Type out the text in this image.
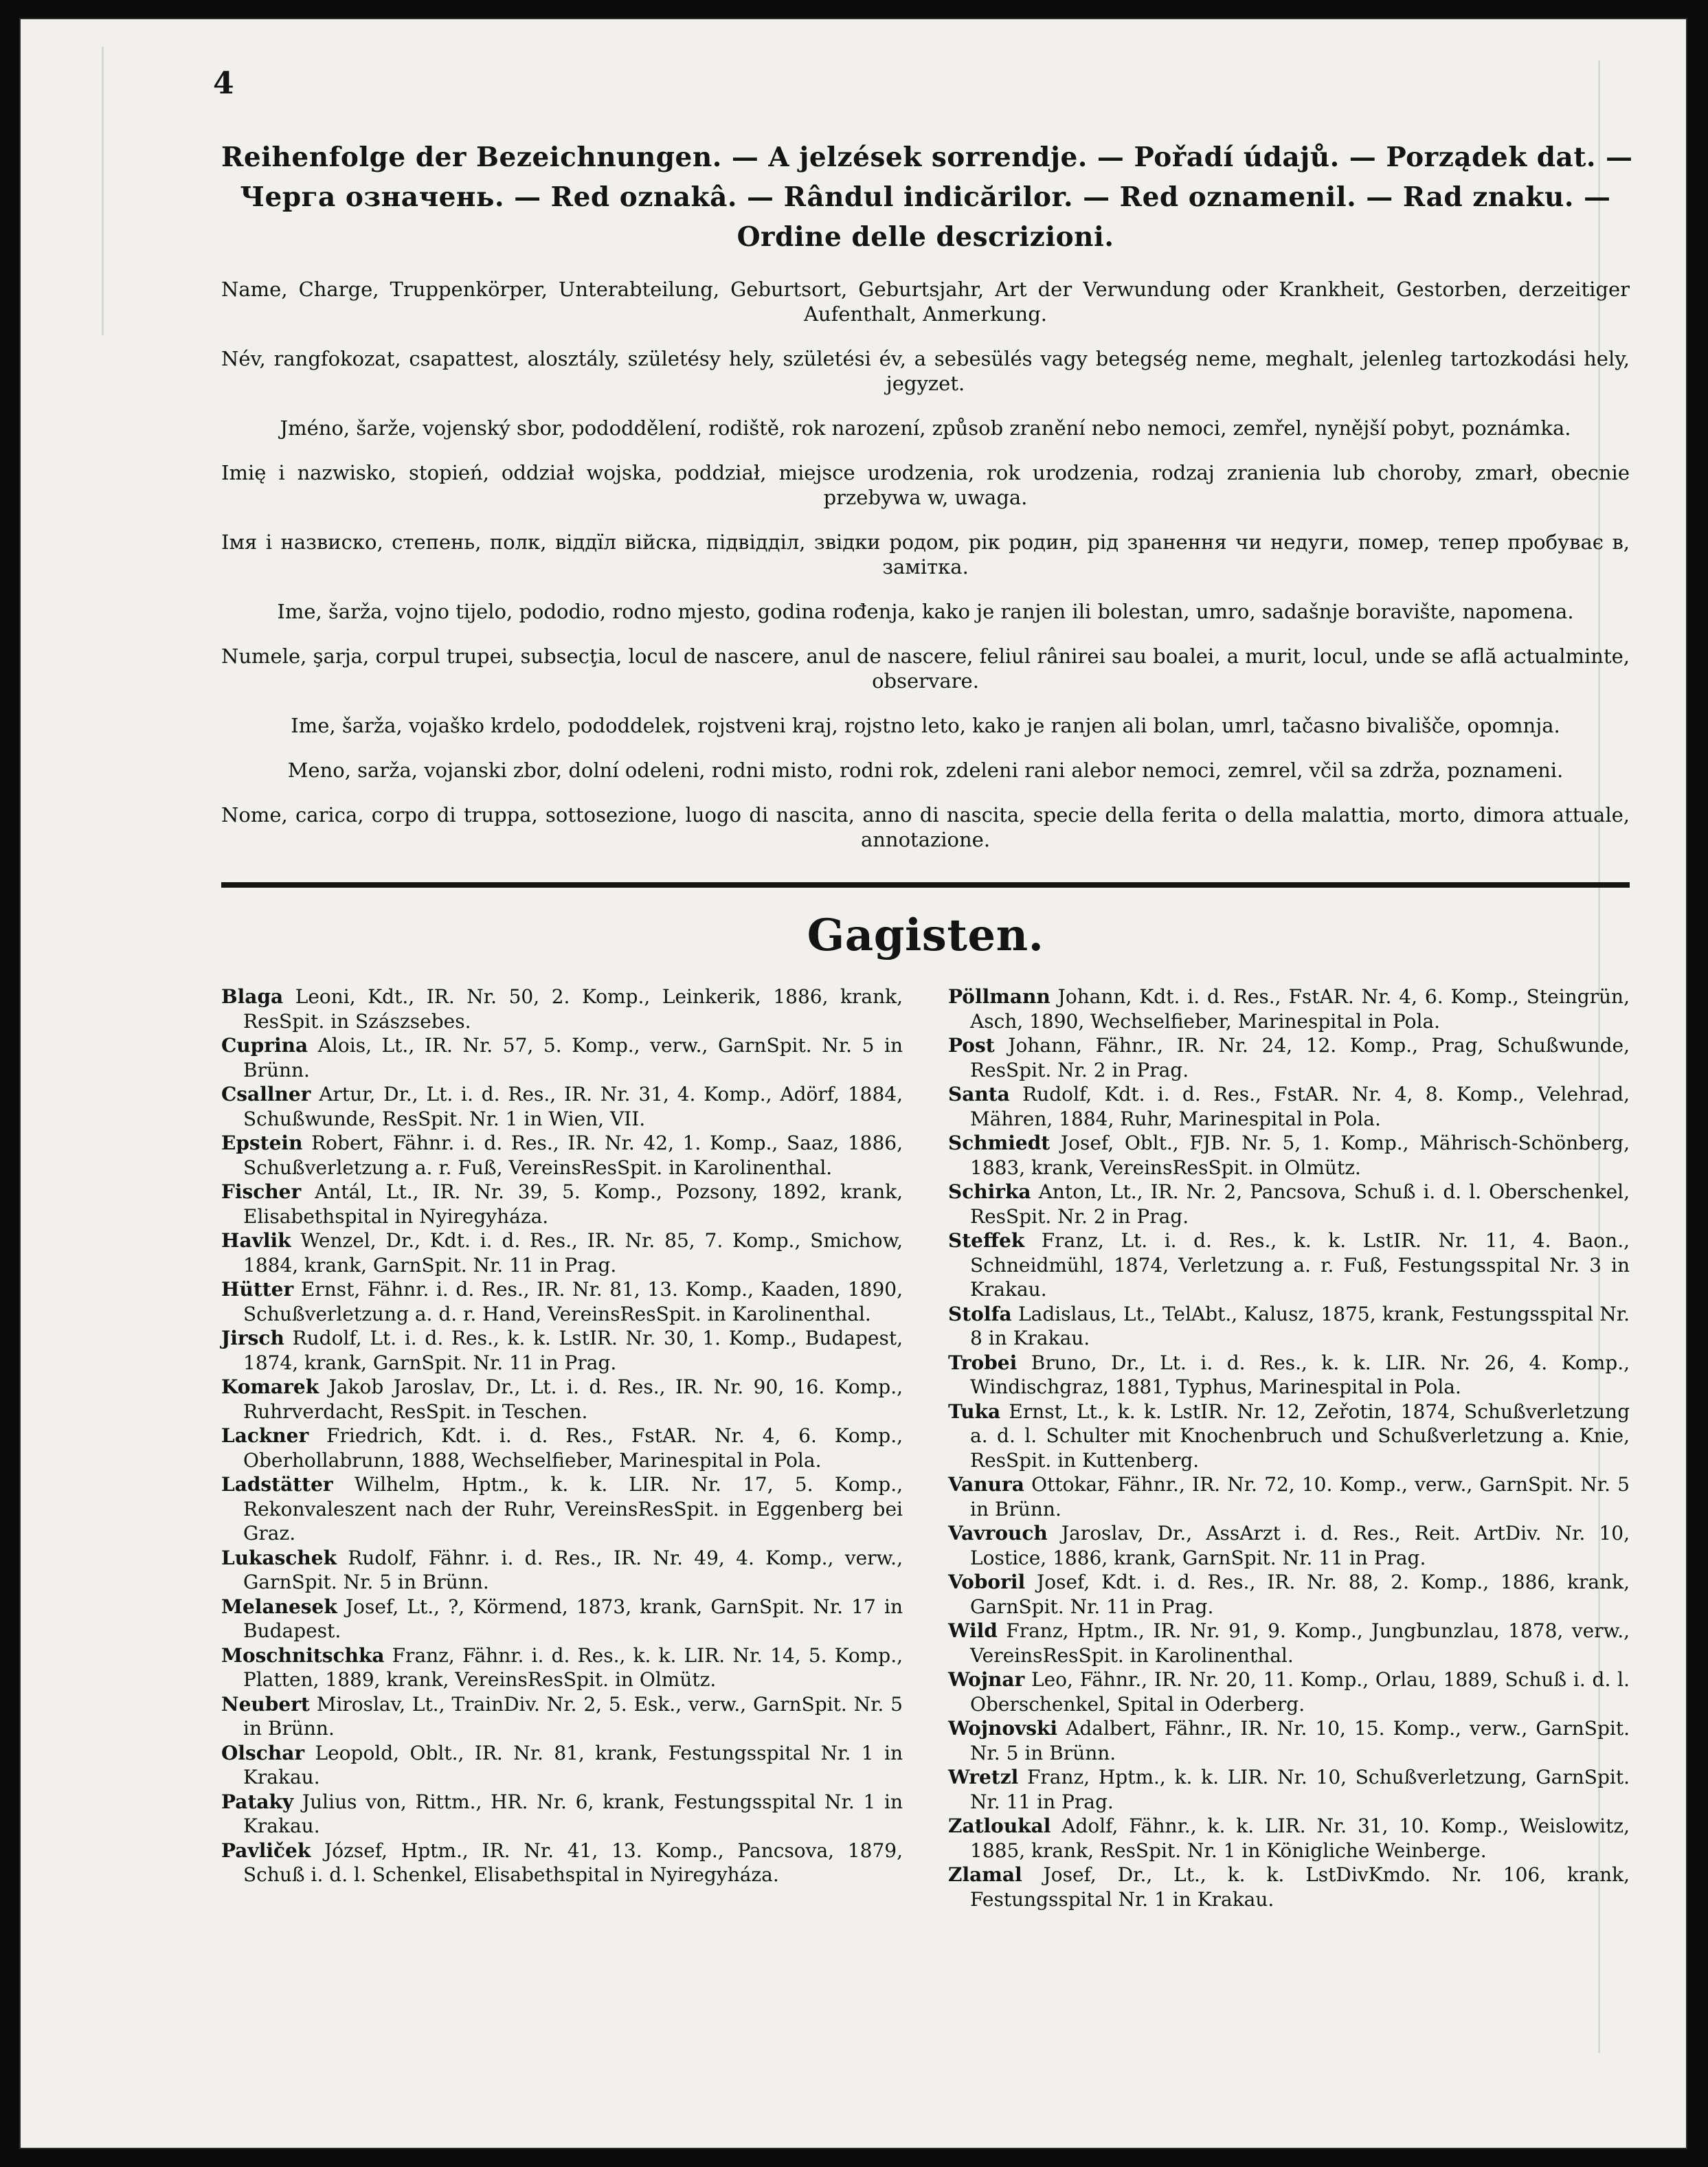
4
Reihenfolge der Bezeichnungen. — A jelzések sorrendje. — Pořadí údajů. — Porządek dat. —
Черга означень. — Red oznakâ. — Rândul indicărilor. — Red oznamenil. — Rad znaku. —
Ordine delle descrizioni.

Name, Charge, Truppenkörper, Unterabteilung, Geburtsort, Geburtsjahr, Art der Verwundung oder Krankheit, Gestorben, derzeitiger Aufenthalt, Anmerkung.

Név, rangfokozat, csapattest, alosztály, születésy hely, születési év, a sebesülés vagy betegség neme, meghalt, jelenleg tartozkodási hely, jegyzet.

Jméno, šarže, vojenský sbor, pododdělení, rodiště, rok narození, způsob zranění nebo nemoci, zemřel, nynější pobyt, poznámka.

Imię i nazwisko, stopień, oddział wojska, poddział, miejsce urodzenia, rok urodzenia, rodzaj zranienia lub choroby, zmarł, obecnie przebywa w, uwaga.

Імя і назвиско, степень, полк, віддїл війска, підвідділ, звідки родом, рік родин, рід зранення чи недуги, помер, тепер пробуває в, замітка.

Ime, šarža, vojno tijelo, pododio, rodno mjesto, godina rođenja, kako je ranjen ili bolestan, umro, sadašnje boravište, napomena.

Numele, şarja, corpul trupei, subsecţia, locul de nascere, anul de nascere, feliul rânirei sau boalei, a murit, locul, unde se află actualminte, observare.

Ime, šarža, vojaško krdelo, pododdelek, rojstveni kraj, rojstno leto, kako je ranjen ali bolan, umrl, tačasno bivališče, opomnja.

Meno, sarža, vojanski zbor, dolní odeleni, rodni misto, rodni rok, zdeleni rani alebor nemoci, zemrel, včil sa zdrža, poznameni.

Nome, carica, corpo di truppa, sottosezione, luogo di nascita, anno di nascita, specie della ferita o della malattia, morto, dimora attuale, annotazione.

Gagisten.

Blaga Leoni, Kdt., IR. Nr. 50, 2. Komp., Leinkerik, 1886, krank, ResSpit. in Szászsebes.

Cuprina Alois, Lt., IR. Nr. 57, 5. Komp., verw., GarnSpit. Nr. 5 in Brünn.

Csallner Artur, Dr., Lt. i. d. Res., IR. Nr. 31, 4. Komp., Adörf, 1884, Schußwunde, ResSpit. Nr. 1 in Wien, VII.

Epstein Robert, Fähnr. i. d. Res., IR. Nr. 42, 1. Komp., Saaz, 1886, Schußverletzung a. r. Fuß, VereinsResSpit. in Karolinenthal.

Fischer Antál, Lt., IR. Nr. 39, 5. Komp., Pozsony, 1892, krank, Elisabethspital in Nyiregyháza.

Havlik Wenzel, Dr., Kdt. i. d. Res., IR. Nr. 85, 7. Komp., Smichow, 1884, krank, GarnSpit. Nr. 11 in Prag.

Hütter Ernst, Fähnr. i. d. Res., IR. Nr. 81, 13. Komp., Kaaden, 1890, Schußverletzung a. d. r. Hand, VereinsResSpit. in Karolinenthal.

Jirsch Rudolf, Lt. i. d. Res., k. k. LstIR. Nr. 30, 1. Komp., Budapest, 1874, krank, GarnSpit. Nr. 11 in Prag.

Komarek Jakob Jaroslav, Dr., Lt. i. d. Res., IR. Nr. 90, 16. Komp., Ruhrverdacht, ResSpit. in Teschen.

Lackner Friedrich, Kdt. i. d. Res., FstAR. Nr. 4, 6. Komp., Oberhollabrunn, 1888, Wechselfieber, Marinespital in Pola.

Ladstätter Wilhelm, Hptm., k. k. LIR. Nr. 17, 5. Komp., Rekonvaleszent nach der Ruhr, VereinsResSpit. in Eggenberg bei Graz.

Lukaschek Rudolf, Fähnr. i. d. Res., IR. Nr. 49, 4. Komp., verw., GarnSpit. Nr. 5 in Brünn.

Melanesek Josef, Lt., ?, Körmend, 1873, krank, GarnSpit. Nr. 17 in Budapest.

Moschnitschka Franz, Fähnr. i. d. Res., k. k. LIR. Nr. 14, 5. Komp., Platten, 1889, krank, VereinsResSpit. in Olmütz.

Neubert Miroslav, Lt., TrainDiv. Nr. 2, 5. Esk., verw., GarnSpit. Nr. 5 in Brünn.

Olschar Leopold, Oblt., IR. Nr. 81, krank, Festungsspital Nr. 1 in Krakau.

Pataky Julius von, Rittm., HR. Nr. 6, krank, Festungsspital Nr. 1 in Krakau.

Pavliček József, Hptm., IR. Nr. 41, 13. Komp., Pancsova, 1879, Schuß i. d. l. Schenkel, Elisabethspital in Nyiregyháza.

Pöllmann Johann, Kdt. i. d. Res., FstAR. Nr. 4, 6. Komp., Steingrün, Asch, 1890, Wechselfieber, Marinespital in Pola.

Post Johann, Fähnr., IR. Nr. 24, 12. Komp., Prag, Schußwunde, ResSpit. Nr. 2 in Prag.

Santa Rudolf, Kdt. i. d. Res., FstAR. Nr. 4, 8. Komp., Velehrad, Mähren, 1884, Ruhr, Marinespital in Pola.

Schmiedt Josef, Oblt., FJB. Nr. 5, 1. Komp., Mährisch-Schönberg, 1883, krank, VereinsResSpit. in Olmütz.

Schirka Anton, Lt., IR. Nr. 2, Pancsova, Schuß i. d. l. Oberschenkel, ResSpit. Nr. 2 in Prag.

Steffek Franz, Lt. i. d. Res., k. k. LstIR. Nr. 11, 4. Baon., Schneidmühl, 1874, Verletzung a. r. Fuß, Festungsspital Nr. 3 in Krakau.

Stolfa Ladislaus, Lt., TelAbt., Kalusz, 1875, krank, Festungsspital Nr. 8 in Krakau.

Trobei Bruno, Dr., Lt. i. d. Res., k. k. LIR. Nr. 26, 4. Komp., Windischgraz, 1881, Typhus, Marinespital in Pola.

Tuka Ernst, Lt., k. k. LstIR. Nr. 12, Zeřotin, 1874, Schußverletzung a. d. l. Schulter mit Knochenbruch und Schußverletzung a. Knie, ResSpit. in Kuttenberg.

Vanura Ottokar, Fähnr., IR. Nr. 72, 10. Komp., verw., GarnSpit. Nr. 5 in Brünn.

Vavrouch Jaroslav, Dr., AssArzt i. d. Res., Reit. ArtDiv. Nr. 10, Lostice, 1886, krank, GarnSpit. Nr. 11 in Prag.

Voboril Josef, Kdt. i. d. Res., IR. Nr. 88, 2. Komp., 1886, krank, GarnSpit. Nr. 11 in Prag.

Wild Franz, Hptm., IR. Nr. 91, 9. Komp., Jungbunzlau, 1878, verw., VereinsResSpit. in Karolinenthal.

Wojnar Leo, Fähnr., IR. Nr. 20, 11. Komp., Orlau, 1889, Schuß i. d. l. Oberschenkel, Spital in Oderberg.

Wojnovski Adalbert, Fähnr., IR. Nr. 10, 15. Komp., verw., GarnSpit. Nr. 5 in Brünn.

Wretzl Franz, Hptm., k. k. LIR. Nr. 10, Schußverletzung, GarnSpit. Nr. 11 in Prag.

Zatloukal Adolf, Fähnr., k. k. LIR. Nr. 31, 10. Komp., Weislowitz, 1885, krank, ResSpit. Nr. 1 in Königliche Weinberge.

Zlamal Josef, Dr., Lt., k. k. LstDivKmdo. Nr. 106, krank, Festungsspital Nr. 1 in Krakau.
